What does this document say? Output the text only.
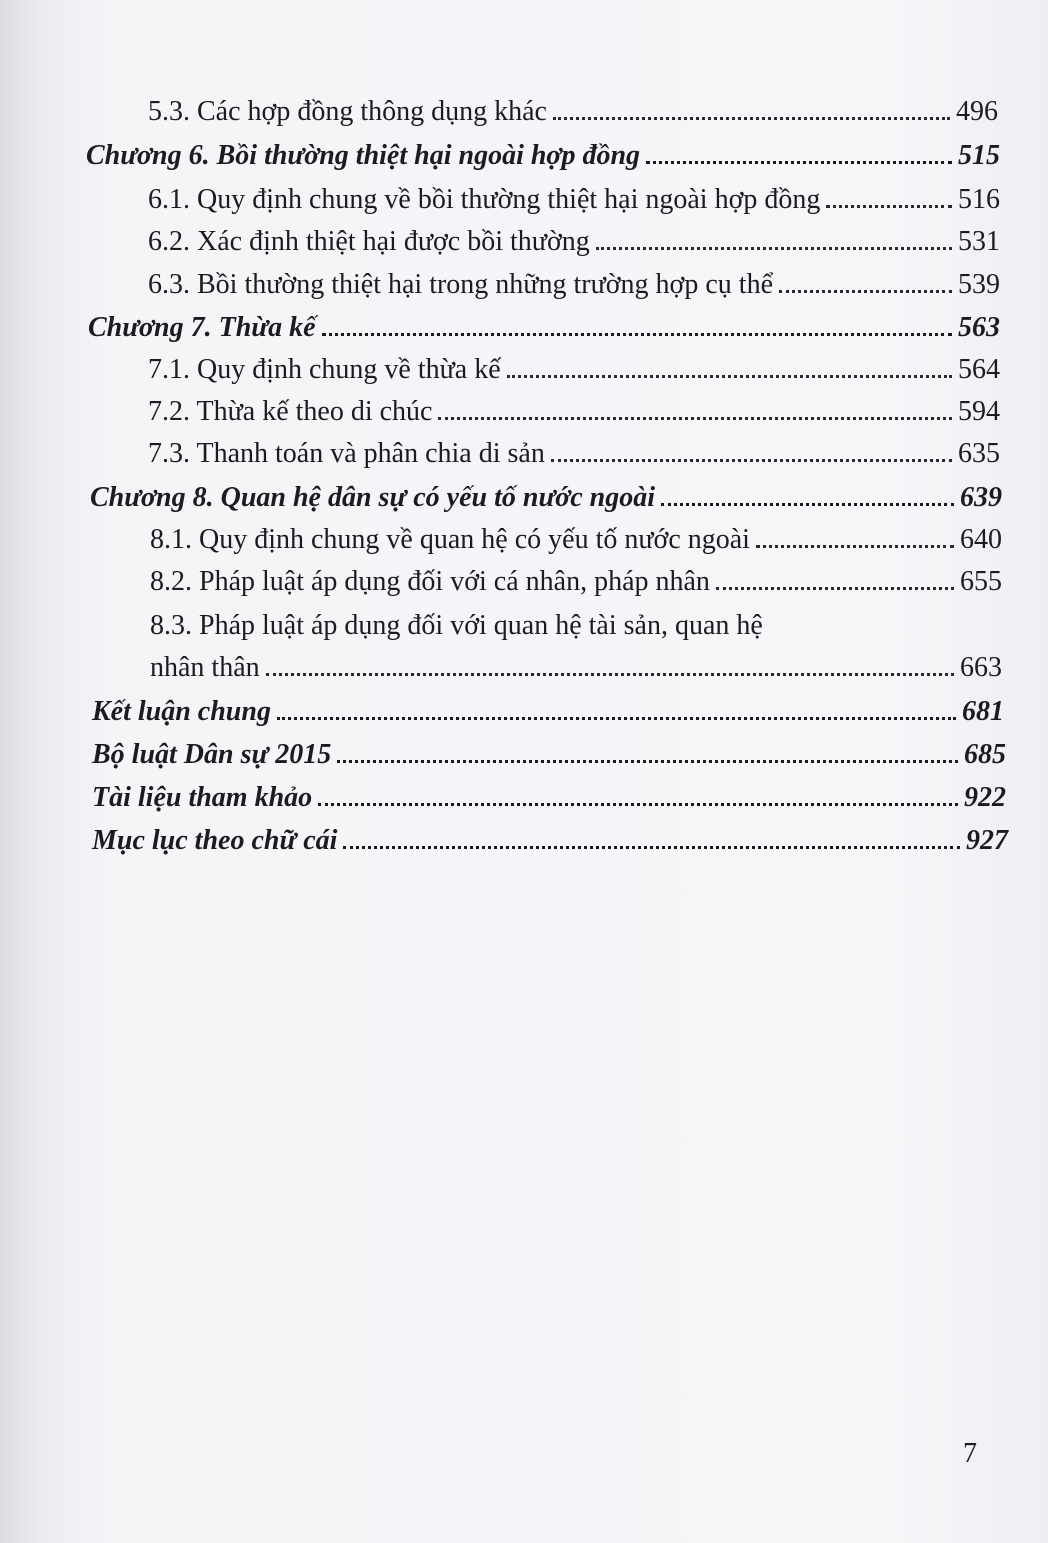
5.3. Các hợp đồng thông dụng khác	496
Chương 6. Bồi thường thiệt hại ngoài hợp đồng	515
6.1. Quy định chung về bồi thường thiệt hại ngoài hợp đồng	516
6.2. Xác định thiệt hại được bồi thường	531
6.3. Bồi thường thiệt hại trong những trường hợp cụ thể	539
Chương 7. Thừa kế	563
7.1. Quy định chung về thừa kế	564
7.2. Thừa kế theo di chúc	594
7.3. Thanh toán và phân chia di sản	635
Chương 8. Quan hệ dân sự có yếu tố nước ngoài	639
8.1. Quy định chung về quan hệ có yếu tố nước ngoài	640
8.2. Pháp luật áp dụng đối với cá nhân, pháp nhân	655
8.3. Pháp luật áp dụng đối với quan hệ tài sản, quan hệ
nhân thân	663
Kết luận chung	681
Bộ luật Dân sự 2015	685
Tài liệu tham khảo	922
Mục lục theo chữ cái	927
7
